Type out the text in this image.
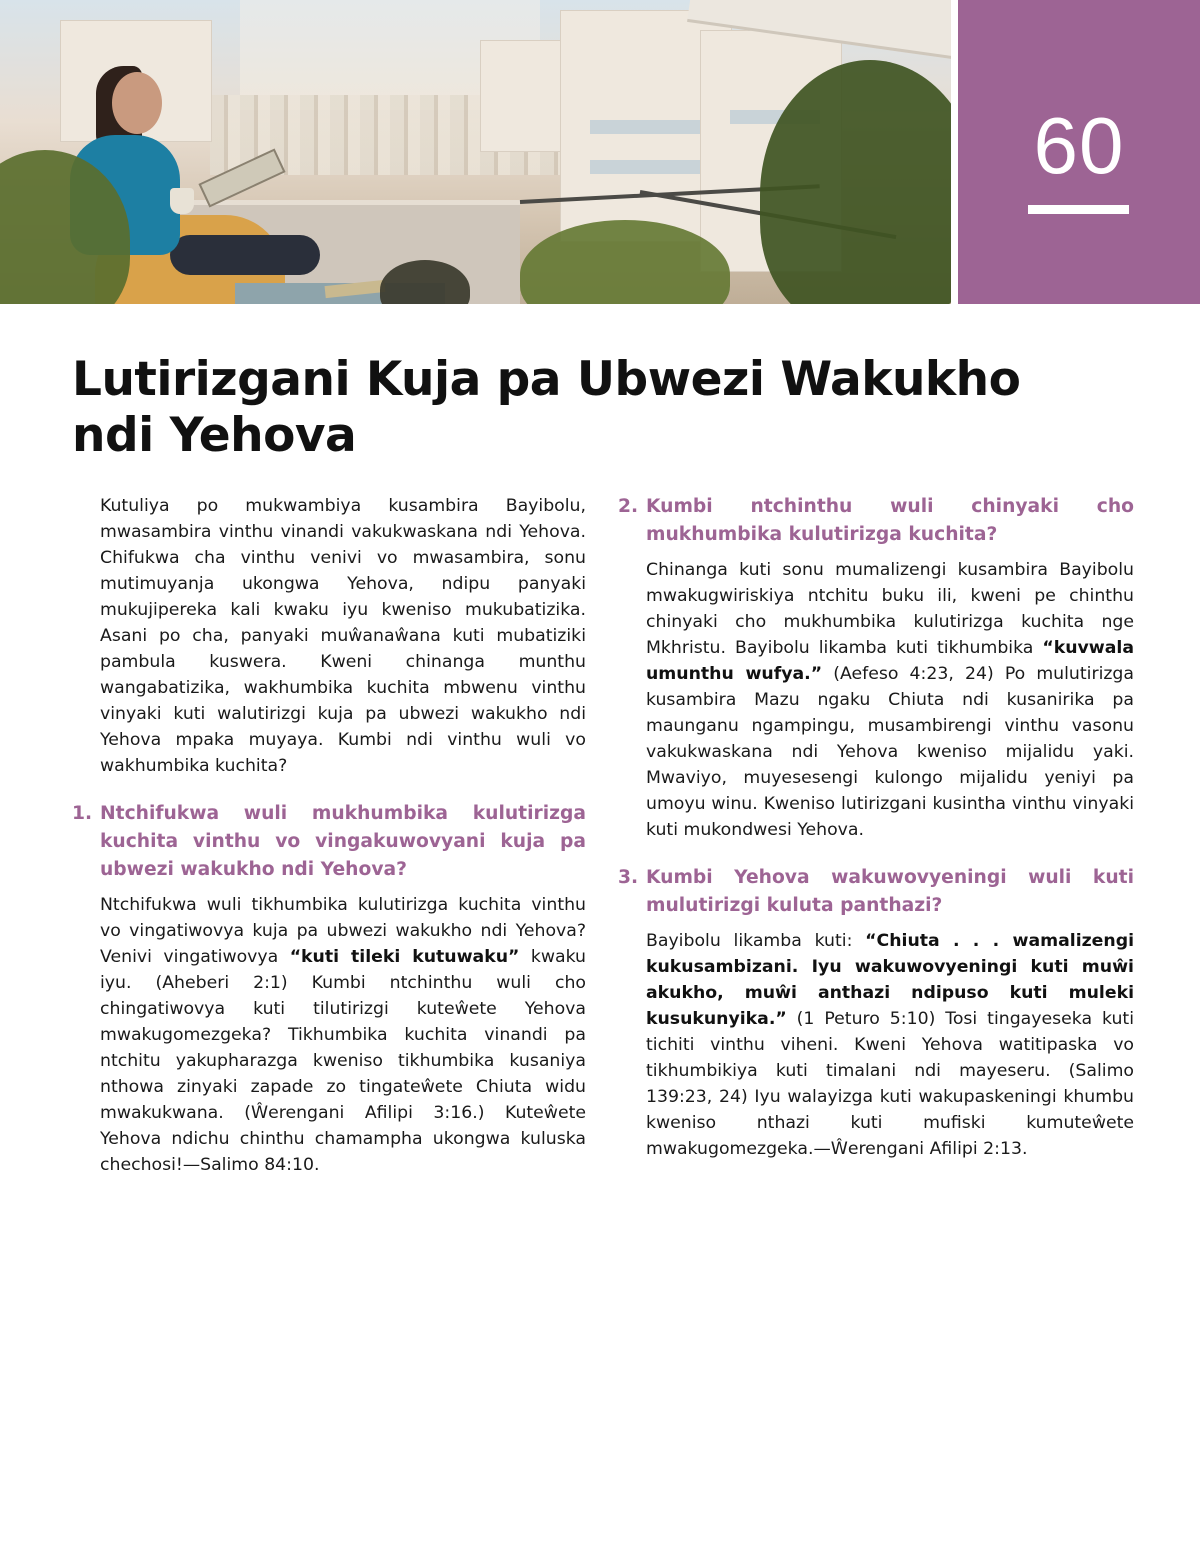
60
Lutirizgani Kuja pa Ubwezi Wakukho ndi Yehova

Kutuliya po mukwambiya kusambira Bayibolu, mwasambira vinthu vinandi vakukwaskana ndi Yehova. Chifukwa cha vinthu venivi vo mwasambira, sonu mutimuyanja ukongwa Yehova, ndipu panyaki mukujipereka kali kwaku iyu kweniso mukubatizika. Asani po cha, panyaki muŵanaŵana kuti mubatiziki pambula kuswera. Kweni chinanga munthu wangabatizika, wakhumbika kuchita mbwenu vinthu vinyaki kuti walutirizgi kuja pa ubwezi wakukho ndi Yehova mpaka muyaya. Kumbi ndi vinthu wuli vo wakhumbika kuchita?

1. Ntchifukwa wuli mukhumbika kulutirizga kuchita vinthu vo vingakuwovyani kuja pa ubwezi wakukho ndi Yehova?

Ntchifukwa wuli tikhumbika kulutirizga kuchita vinthu vo vingatiwovya kuja pa ubwezi wakukho ndi Yehova? Venivi vingatiwovya “kuti tileki kutuwaku” kwaku iyu. (Aheberi 2:1) Kumbi ntchinthu wuli cho chingatiwovya kuti tilutirizgi kuteŵete Yehova mwakugomezgeka? Tikhumbika kuchita vinandi pa ntchitu yakupharazga kweniso tikhumbika kusaniya nthowa zinyaki zapade zo tingateŵete Chiuta widu mwakukwana. (Ŵerengani Afilipi 3:16.) Kuteŵete Yehova ndichu chinthu chamampha ukongwa kuluska chechosi!—Salimo 84:10.

2. Kumbi ntchinthu wuli chinyaki cho mukhumbika kulutirizga kuchita?

Chinanga kuti sonu mumalizengi kusambira Bayibolu mwakugwiriskiya ntchitu buku ili, kweni pe chinthu chinyaki cho mukhumbika kulutirizga kuchita nge Mkhristu. Bayibolu likamba kuti tikhumbika “kuvwala umunthu wufya.” (Aefeso 4:23, 24) Po mulutirizga kusambira Mazu ngaku Chiuta ndi kusanirika pa maunganu ngampingu, musambirengi vinthu vasonu vakukwaskana ndi Yehova kweniso mijalidu yaki. Mwaviyo, muyesesengi kulongo mijalidu yeniyi pa umoyu winu. Kweniso lutirizgani kusintha vinthu vinyaki kuti mukondwesi Yehova.

3. Kumbi Yehova wakuwovyeningi wuli kuti mulutirizgi kuluta panthazi?

Bayibolu likamba kuti: “Chiuta . . . wamalizengi kukusambizani. Iyu wakuwovyeningi kuti muŵi akukho, muŵi anthazi ndipuso kuti muleki kusukunyika.” (1 Peturo 5:10) Tosi tingayeseka kuti tichiti vinthu viheni. Kweni Yehova watitipaska vo tikhumbikiya kuti timalani ndi mayeseru. (Salimo 139:23, 24) Iyu walayizga kuti wakupaskeningi khumbu kweniso nthazi kuti mufiski kumuteŵete mwakugomezgeka.—Ŵerengani Afilipi 2:13.
